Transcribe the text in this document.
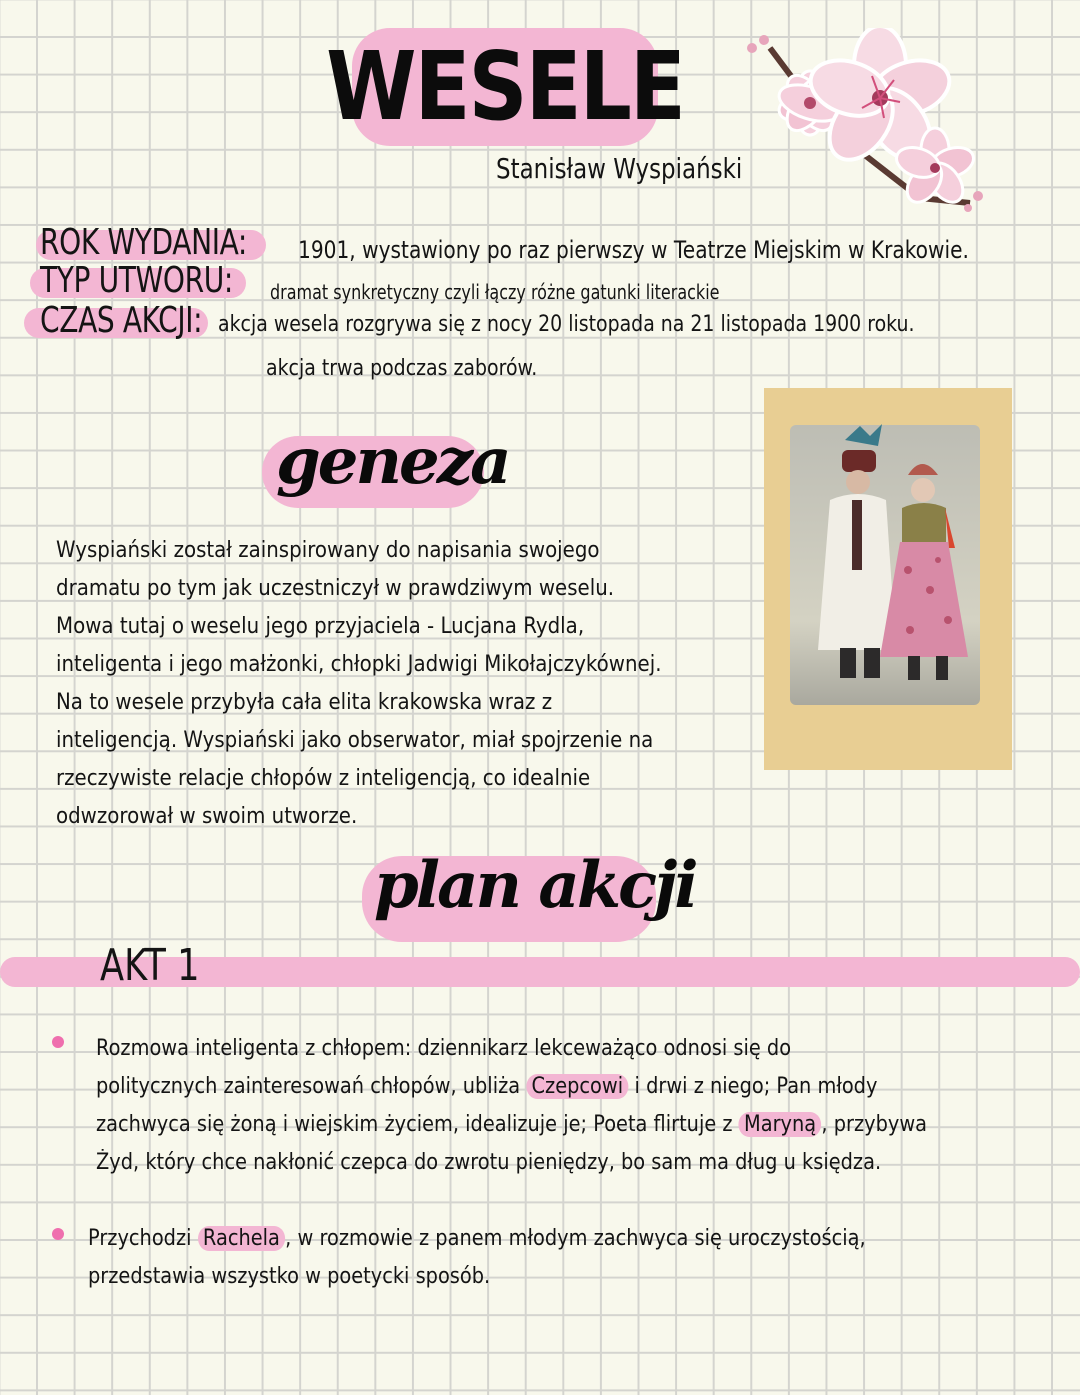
WESELE
Stanisław Wyspiański
ROK WYDANIA: 1901, wystawiony po raz pierwszy w Teatrze Miejskim w Krakowie.
TYP UTWORU: dramat synkretyczny czyli łączy różne gatunki literackie
CZAS AKCJI: akcja wesela rozgrywa się z nocy 20 listopada na 21 listopada 1900 roku.
akcja trwa podczas zaborów.
geneza
Wyspiański został zainspirowany do napisania swojego
dramatu po tym jak uczestniczył w prawdziwym weselu.
Mowa tutaj o weselu jego przyjaciela - Lucjana Rydla,
inteligenta i jego małżonki, chłopki Jadwigi Mikołajczykównej.
Na to wesele przybyła cała elita krakowska wraz z
inteligencją. Wyspiański jako obserwator, miał spojrzenie na
rzeczywiste relacje chłopów z inteligencją, co idealnie
odwzorował w swoim utworze.
plan akcji
AKT 1
Rozmowa inteligenta z chłopem: dziennikarz lekceważąco odnosi się do
politycznych zainteresowań chłopów, ubliża Czepcowi i drwi z niego; Pan młody
zachwyca się żoną i wiejskim życiem, idealizuje je; Poeta flirtuje z Maryną , przybywa
Żyd, który chce nakłonić czepca do zwrotu pieniędzy, bo sam ma dług u księdza.
Przychodzi Rachela , w rozmowie z panem młodym zachwyca się uroczystością,
przedstawia wszystko w poetycki sposób.
